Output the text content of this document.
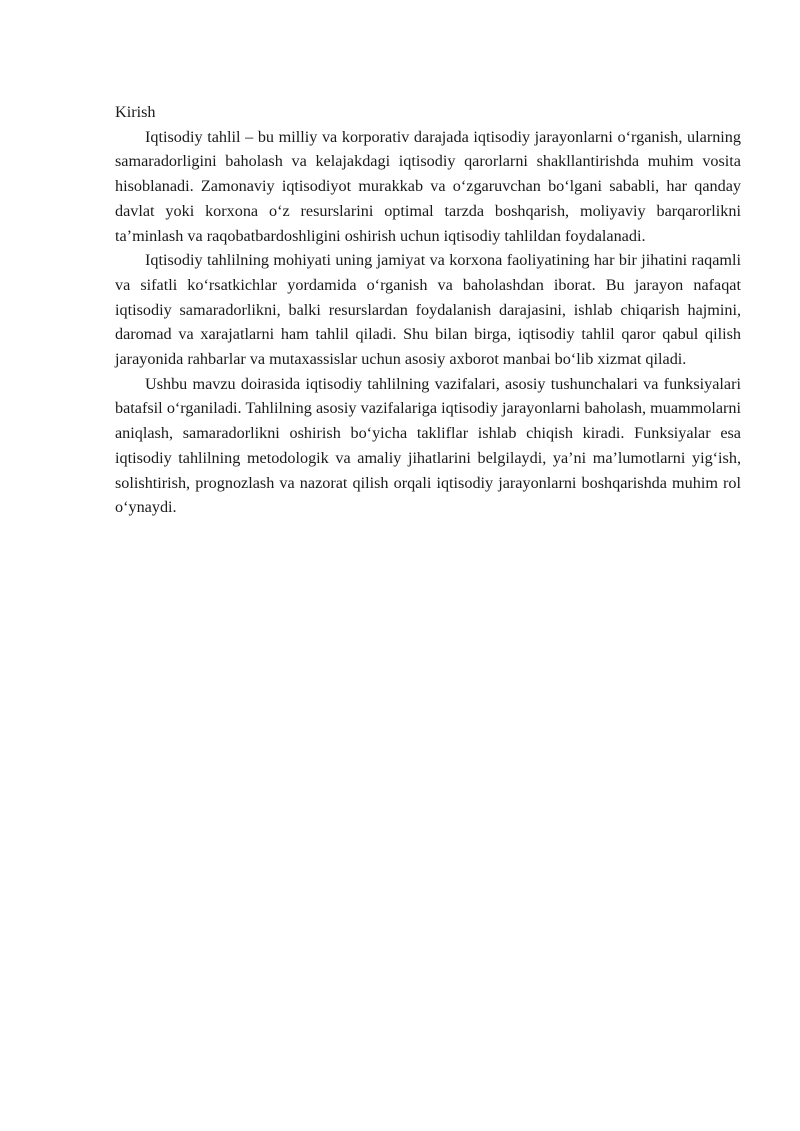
Kirish

Iqtisodiy tahlil – bu milliy va korporativ darajada iqtisodiy jarayonlarni o‘rganish, ularning samaradorligini baholash va kelajakdagi iqtisodiy qarorlarni shakllantirishda muhim vosita hisoblanadi. Zamonaviy iqtisodiyot murakkab va o‘zgaruvchan bo‘lgani sababli, har qanday davlat yoki korxona o‘z resurslarini optimal tarzda boshqarish, moliyaviy barqarorlikni ta’minlash va raqobatbardoshligini oshirish uchun iqtisodiy tahlildan foydalanadi.

Iqtisodiy tahlilning mohiyati uning jamiyat va korxona faoliyatining har bir jihatini raqamli va sifatli ko‘rsatkichlar yordamida o‘rganish va baholashdan iborat. Bu jarayon nafaqat iqtisodiy samaradorlikni, balki resurslardan foydalanish darajasini, ishlab chiqarish hajmini, daromad va xarajatlarni ham tahlil qiladi. Shu bilan birga, iqtisodiy tahlil qaror qabul qilish jarayonida rahbarlar va mutaxassislar uchun asosiy axborot manbai bo‘lib xizmat qiladi.

Ushbu mavzu doirasida iqtisodiy tahlilning vazifalari, asosiy tushunchalari va funksiyalari batafsil o‘rganiladi. Tahlilning asosiy vazifalariga iqtisodiy jarayonlarni baholash, muammolarni aniqlash, samaradorlikni oshirish bo‘yicha takliflar ishlab chiqish kiradi. Funksiyalar esa iqtisodiy tahlilning metodologik va amaliy jihatlarini belgilaydi, ya’ni ma’lumotlarni yig‘ish, solishtirish, prognozlash va nazorat qilish orqali iqtisodiy jarayonlarni boshqarishda muhim rol o‘ynaydi.
